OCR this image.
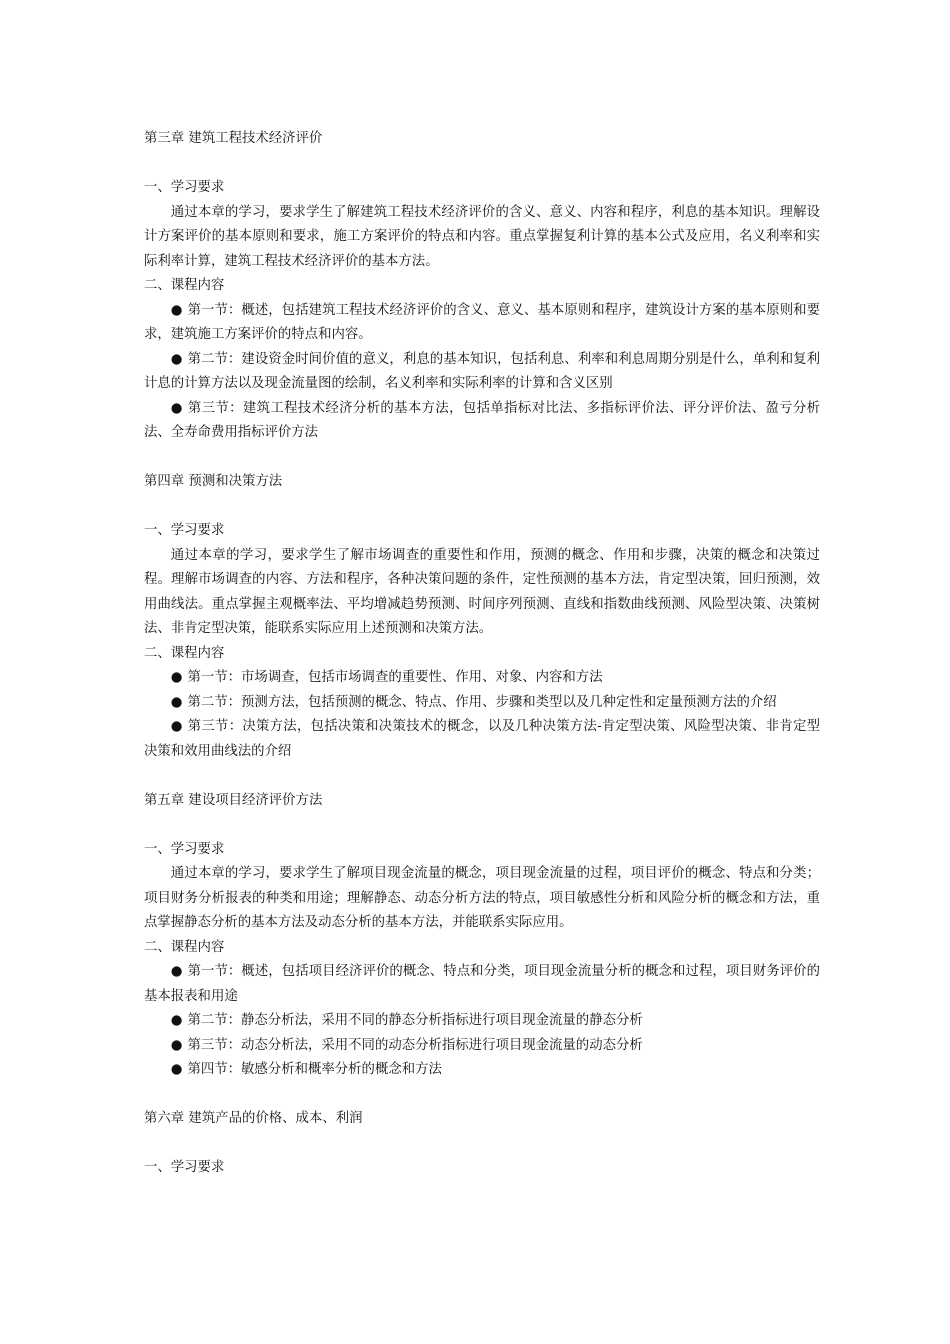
第三章 建筑工程技术经济评价

一、学习要求

通过本章的学习，要求学生了解建筑工程技术经济评价的含义、意义、内容和程序，利息的基本知识。理解设计方案评价的基本原则和要求，施工方案评价的特点和内容。重点掌握复利计算的基本公式及应用，名义利率和实际利率计算，建筑工程技术经济评价的基本方法。

二、课程内容

● 第一节：概述，包括建筑工程技术经济评价的含义、意义、基本原则和程序，建筑设计方案的基本原则和要求，建筑施工方案评价的特点和内容。

● 第二节：建设资金时间价值的意义，利息的基本知识，包括利息、利率和利息周期分别是什么，单利和复利计息的计算方法以及现金流量图的绘制，名义利率和实际利率的计算和含义区别

● 第三节：建筑工程技术经济分析的基本方法，包括单指标对比法、多指标评价法、评分评价法、盈亏分析法、全寿命费用指标评价方法

第四章 预测和决策方法

一、学习要求

通过本章的学习，要求学生了解市场调查的重要性和作用，预测的概念、作用和步骤，决策的概念和决策过程。理解市场调查的内容、方法和程序，各种决策问题的条件，定性预测的基本方法，肯定型决策，回归预测，效用曲线法。重点掌握主观概率法、平均增减趋势预测、时间序列预测、直线和指数曲线预测、风险型决策、决策树法、非肯定型决策，能联系实际应用上述预测和决策方法。

二、课程内容

● 第一节：市场调查，包括市场调查的重要性、作用、对象、内容和方法

● 第二节：预测方法，包括预测的概念、特点、作用、步骤和类型以及几种定性和定量预测方法的介绍

● 第三节：决策方法，包括决策和决策技术的概念，以及几种决策方法-肯定型决策、风险型决策、非肯定型决策和效用曲线法的介绍

第五章 建设项目经济评价方法

一、学习要求

通过本章的学习，要求学生了解项目现金流量的概念，项目现金流量的过程，项目评价的概念、特点和分类；项目财务分析报表的种类和用途；理解静态、动态分析方法的特点，项目敏感性分析和风险分析的概念和方法，重点掌握静态分析的基本方法及动态分析的基本方法，并能联系实际应用。

二、课程内容

● 第一节：概述，包括项目经济评价的概念、特点和分类，项目现金流量分析的概念和过程，项目财务评价的基本报表和用途

● 第二节：静态分析法，采用不同的静态分析指标进行项目现金流量的静态分析

● 第三节：动态分析法，采用不同的动态分析指标进行项目现金流量的动态分析

● 第四节：敏感分析和概率分析的概念和方法

第六章 建筑产品的价格、成本、利润

一、学习要求
